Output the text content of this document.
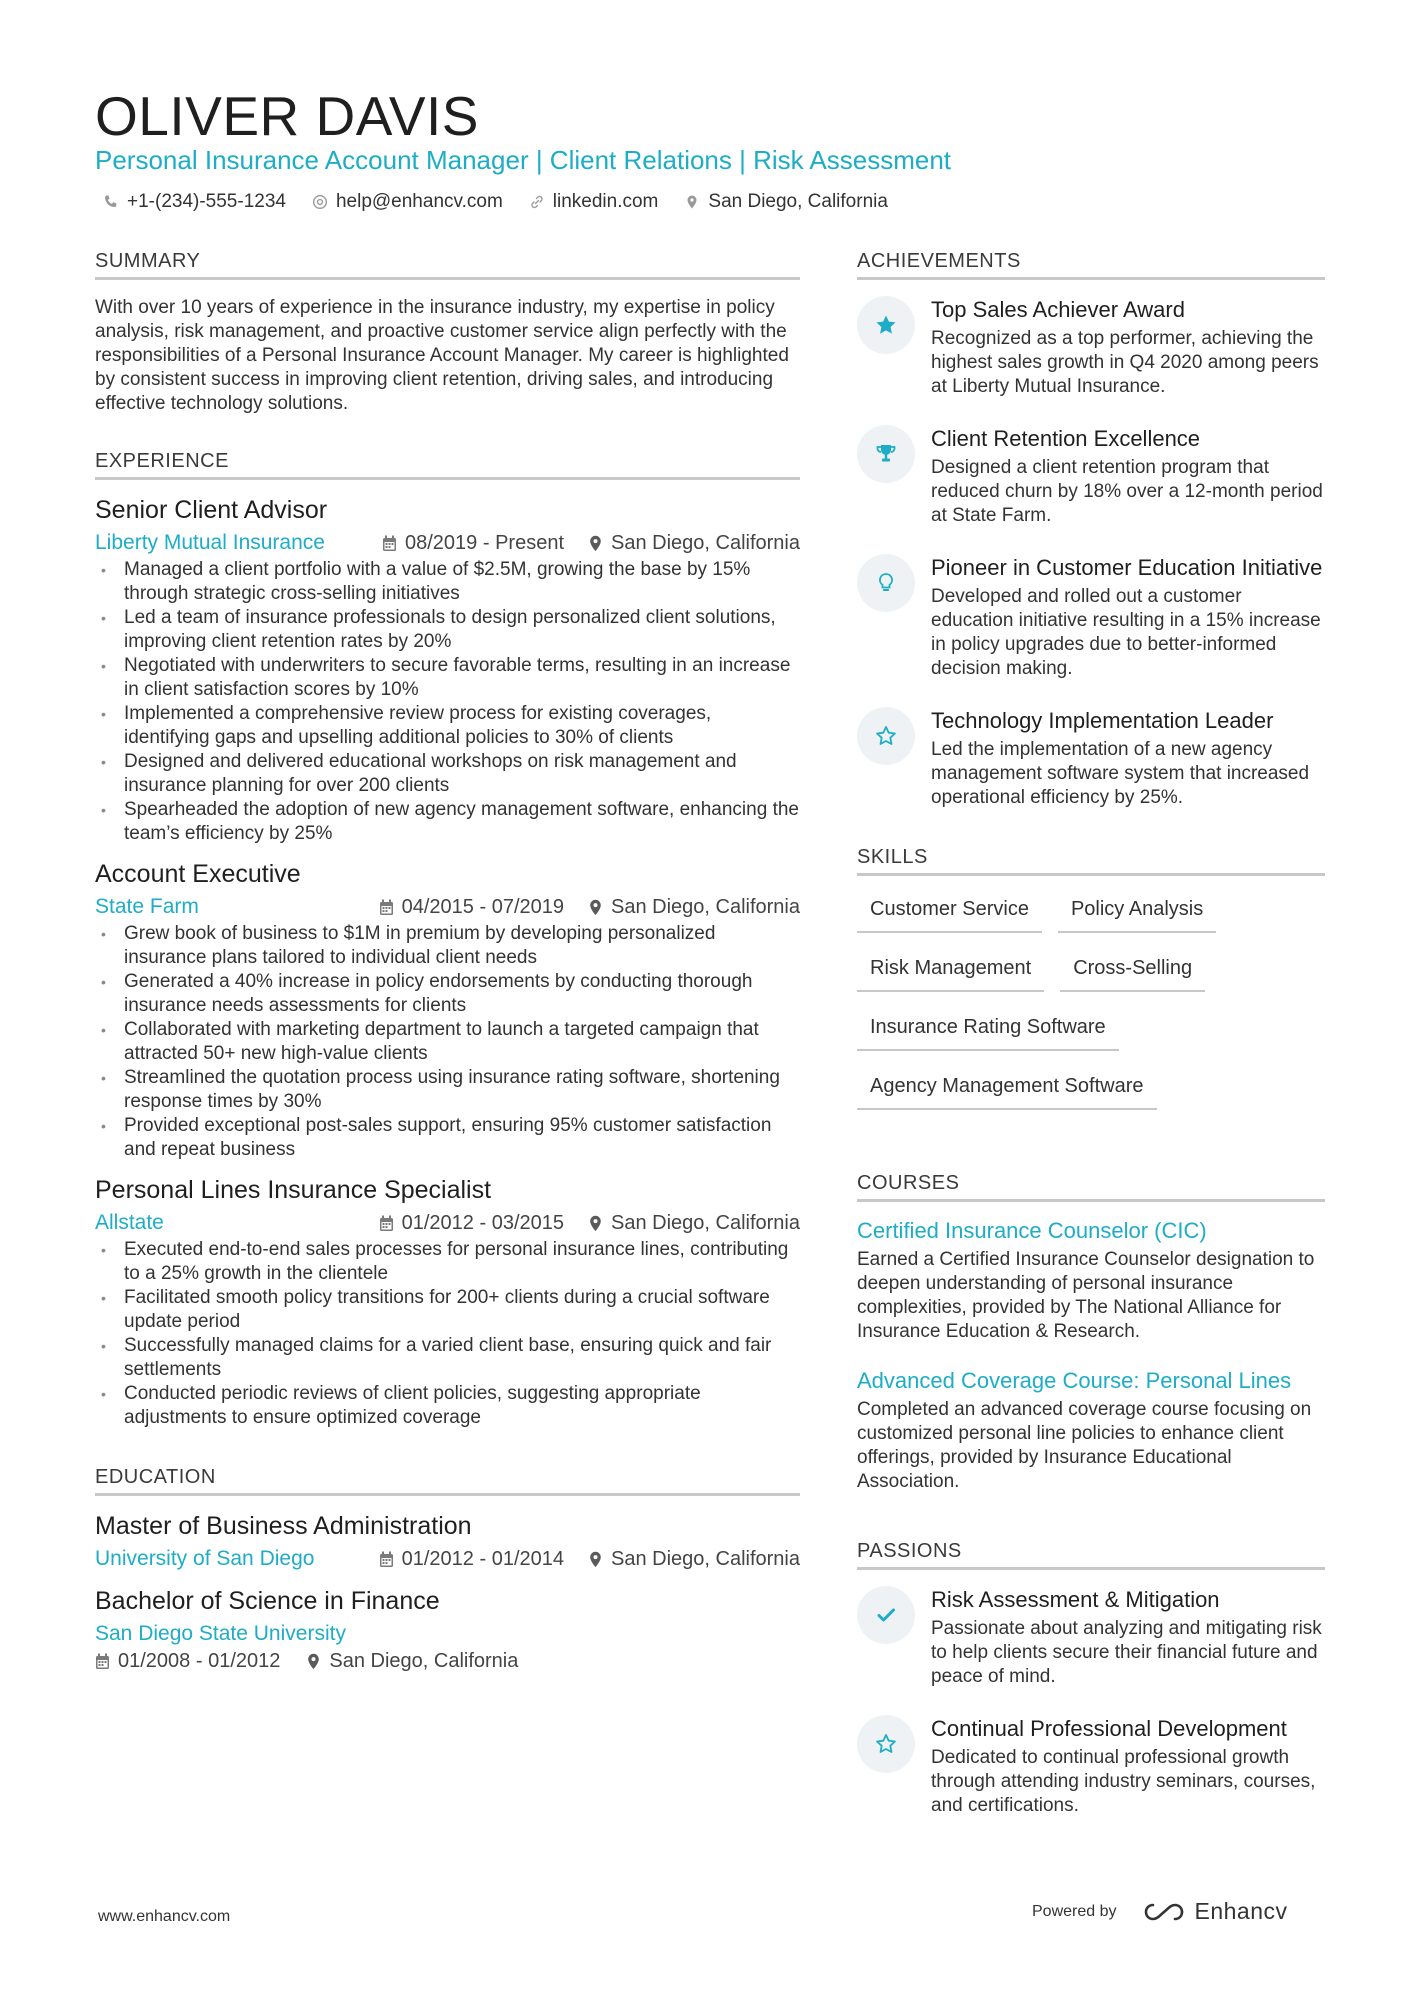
OLIVER DAVIS
Personal Insurance Account Manager | Client Relations | Risk Assessment
+1-(234)-555-1234	help@enhancv.com	linkedin.com	San Diego, California
SUMMARY
With over 10 years of experience in the insurance industry, my expertise in policy analysis, risk management, and proactive customer service align perfectly with the responsibilities of a Personal Insurance Account Manager. My career is highlighted by consistent success in improving client retention, driving sales, and introducing effective technology solutions.
EXPERIENCE
Senior Client Advisor
Liberty Mutual Insurance	08/2019 - Present San Diego, California
• Managed a client portfolio with a value of $2.5M, growing the base by 15% through strategic cross-selling initiatives
• Led a team of insurance professionals to design personalized client solutions, improving client retention rates by 20%
• Negotiated with underwriters to secure favorable terms, resulting in an increase in client satisfaction scores by 10%
• Implemented a comprehensive review process for existing coverages, identifying gaps and upselling additional policies to 30% of clients
• Designed and delivered educational workshops on risk management and insurance planning for over 200 clients
• Spearheaded the adoption of new agency management software, enhancing the team’s efficiency by 25%
Account Executive
State Farm	04/2015 - 07/2019 San Diego, California
• Grew book of business to $1M in premium by developing personalized insurance plans tailored to individual client needs
• Generated a 40% increase in policy endorsements by conducting thorough insurance needs assessments for clients
• Collaborated with marketing department to launch a targeted campaign that attracted 50+ new high-value clients
• Streamlined the quotation process using insurance rating software, shortening response times by 30%
• Provided exceptional post-sales support, ensuring 95% customer satisfaction and repeat business
Personal Lines Insurance Specialist
Allstate	01/2012 - 03/2015 San Diego, California
• Executed end-to-end sales processes for personal insurance lines, contributing to a 25% growth in the clientele
• Facilitated smooth policy transitions for 200+ clients during a crucial software update period
• Successfully managed claims for a varied client base, ensuring quick and fair settlements
• Conducted periodic reviews of client policies, suggesting appropriate adjustments to ensure optimized coverage
EDUCATION
Master of Business Administration
University of San Diego	01/2012 - 01/2014 San Diego, California
Bachelor of Science in Finance
San Diego State University
01/2008 - 01/2012 San Diego, California
ACHIEVEMENTS
Top Sales Achiever Award
Recognized as a top performer, achieving the highest sales growth in Q4 2020 among peers at Liberty Mutual Insurance.
Client Retention Excellence
Designed a client retention program that reduced churn by 18% over a 12-month period at State Farm.
Pioneer in Customer Education Initiative
Developed and rolled out a customer education initiative resulting in a 15% increase in policy upgrades due to better-informed decision making.
Technology Implementation Leader
Led the implementation of a new agency management software system that increased operational efficiency by 25%.
SKILLS
Customer Service	Policy Analysis
Risk Management	Cross-Selling
Insurance Rating Software
Agency Management Software
COURSES
Certified Insurance Counselor (CIC)
Earned a Certified Insurance Counselor designation to deepen understanding of personal insurance complexities, provided by The National Alliance for Insurance Education & Research.
Advanced Coverage Course: Personal Lines
Completed an advanced coverage course focusing on customized personal line policies to enhance client offerings, provided by Insurance Educational Association.
PASSIONS
Risk Assessment & Mitigation
Passionate about analyzing and mitigating risk to help clients secure their financial future and peace of mind.
Continual Professional Development
Dedicated to continual professional growth through attending industry seminars, courses, and certifications.
www.enhancv.com	Powered by	Enhancv
